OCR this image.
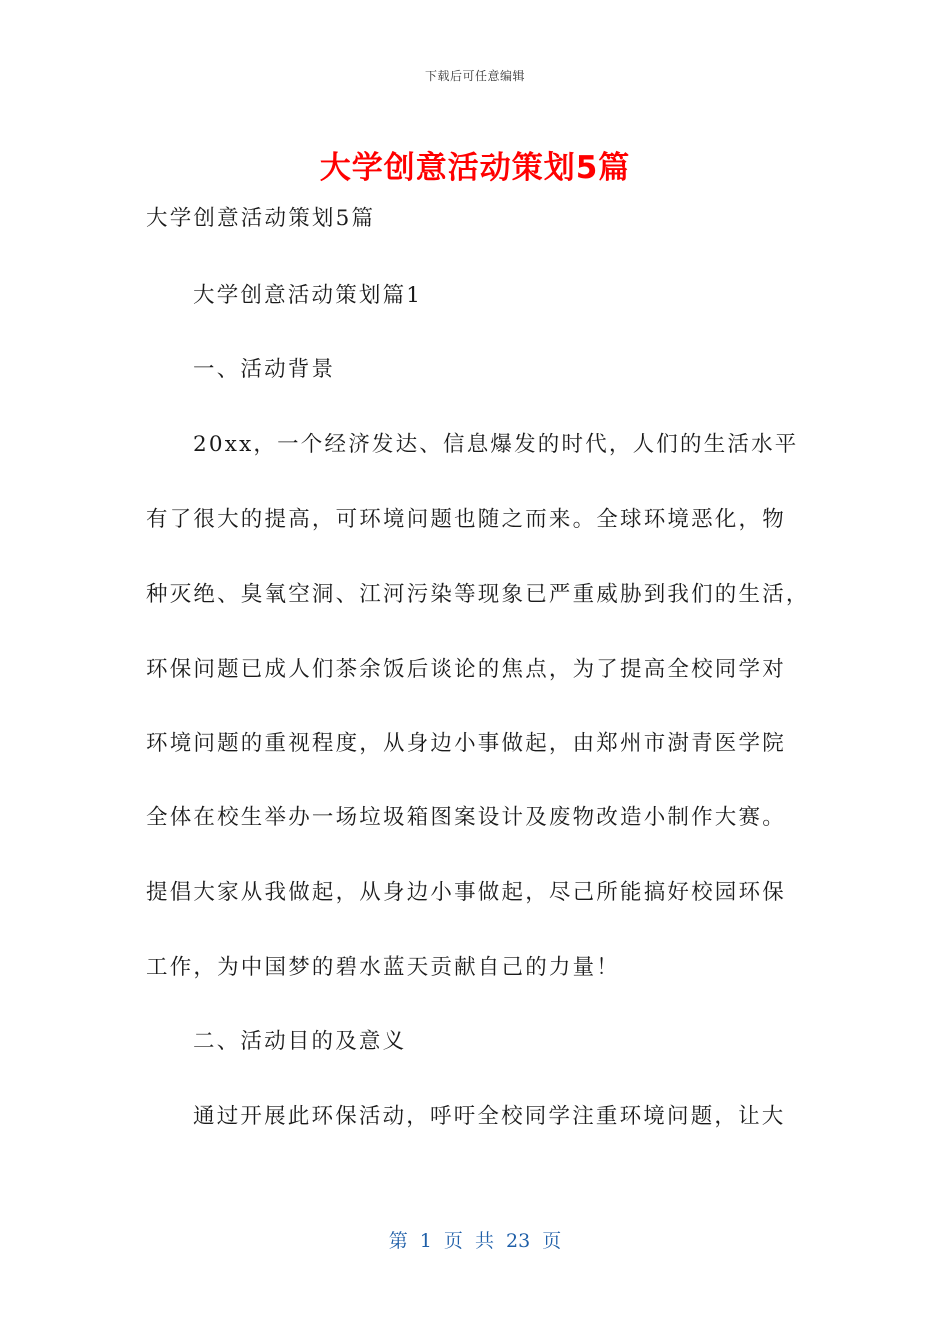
下载后可任意编辑
大学创意活动策划5篇
大学创意活动策划5篇
大学创意活动策划篇1
一、活动背景
20xx，一个经济发达、信息爆发的时代，人们的生活水平
有了很大的提高，可环境问题也随之而来。全球环境恶化，物
种灭绝、臭氧空洞、江河污染等现象已严重威胁到我们的生活，
环保问题已成人们茶余饭后谈论的焦点，为了提高全校同学对
环境问题的重视程度，从身边小事做起，由郑州市澍青医学院
全体在校生举办一场垃圾箱图案设计及废物改造小制作大赛。
提倡大家从我做起，从身边小事做起，尽己所能搞好校园环保
工作，为中国梦的碧水蓝天贡献自己的力量！
二、活动目的及意义
通过开展此环保活动，呼吁全校同学注重环境问题，让大
第 1 页 共 23 页
